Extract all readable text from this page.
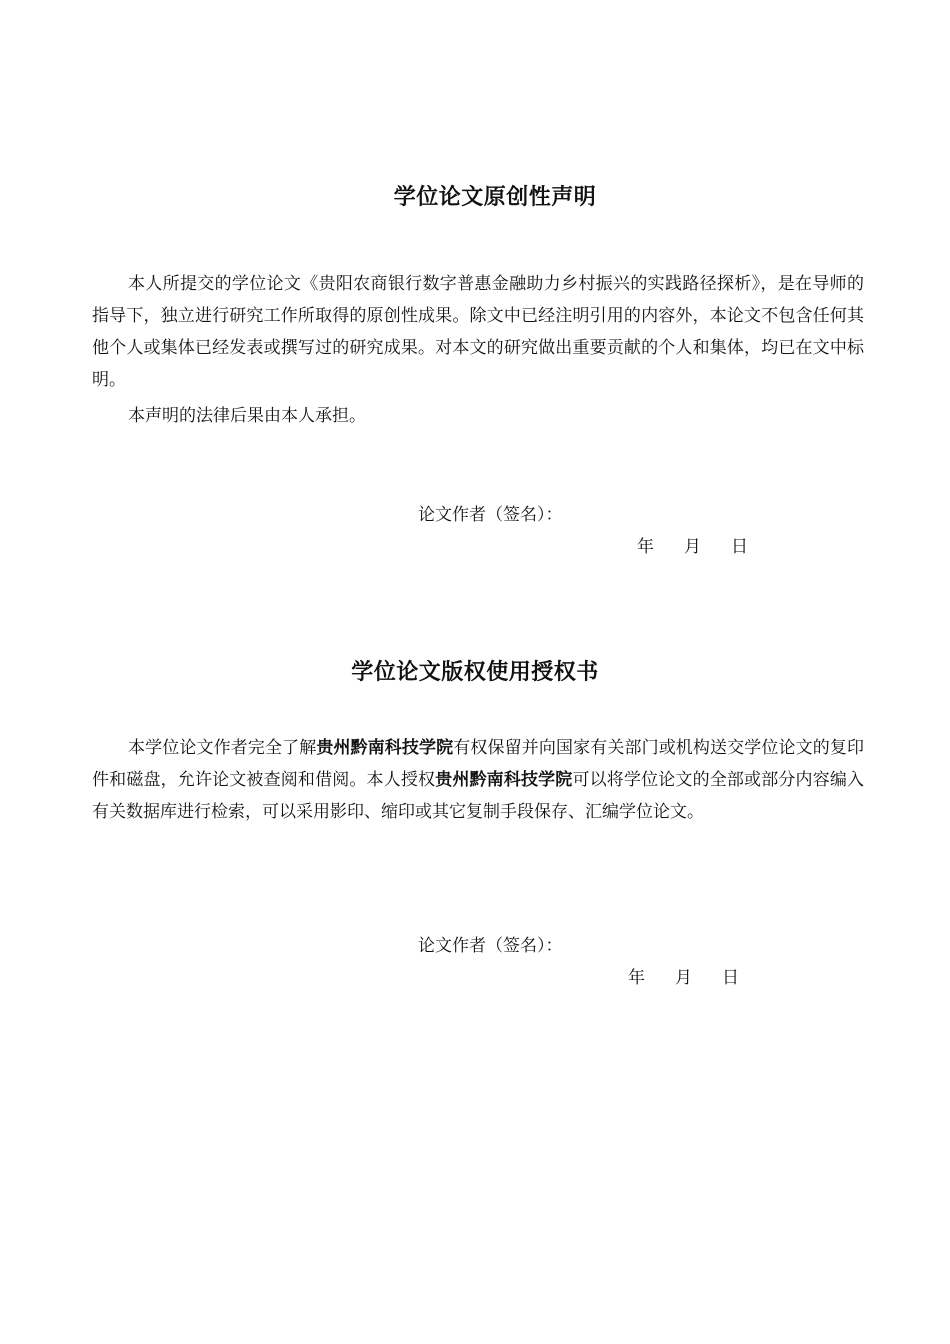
学位论文原创性声明

本人所提交的学位论文《贵阳农商银行数字普惠金融助力乡村振兴的实践路径探析》，是在导师的指导下，独立进行研究工作所取得的原创性成果。除文中已经注明引用的内容外，本论文不包含任何其他个人或集体已经发表或撰写过的研究成果。对本文的研究做出重要贡献的个人和集体，均已在文中标明。

本声明的法律后果由本人承担。

论文作者（签名）：

年 月 日

学位论文版权使用授权书

本学位论文作者完全了解贵州黔南科技学院有权保留并向国家有关部门或机构送交学位论文的复印件和磁盘，允许论文被查阅和借阅。本人授权贵州黔南科技学院可以将学位论文的全部或部分内容编入有关数据库进行检索，可以采用影印、缩印或其它复制手段保存、汇编学位论文。

论文作者（签名）：

年 月 日
